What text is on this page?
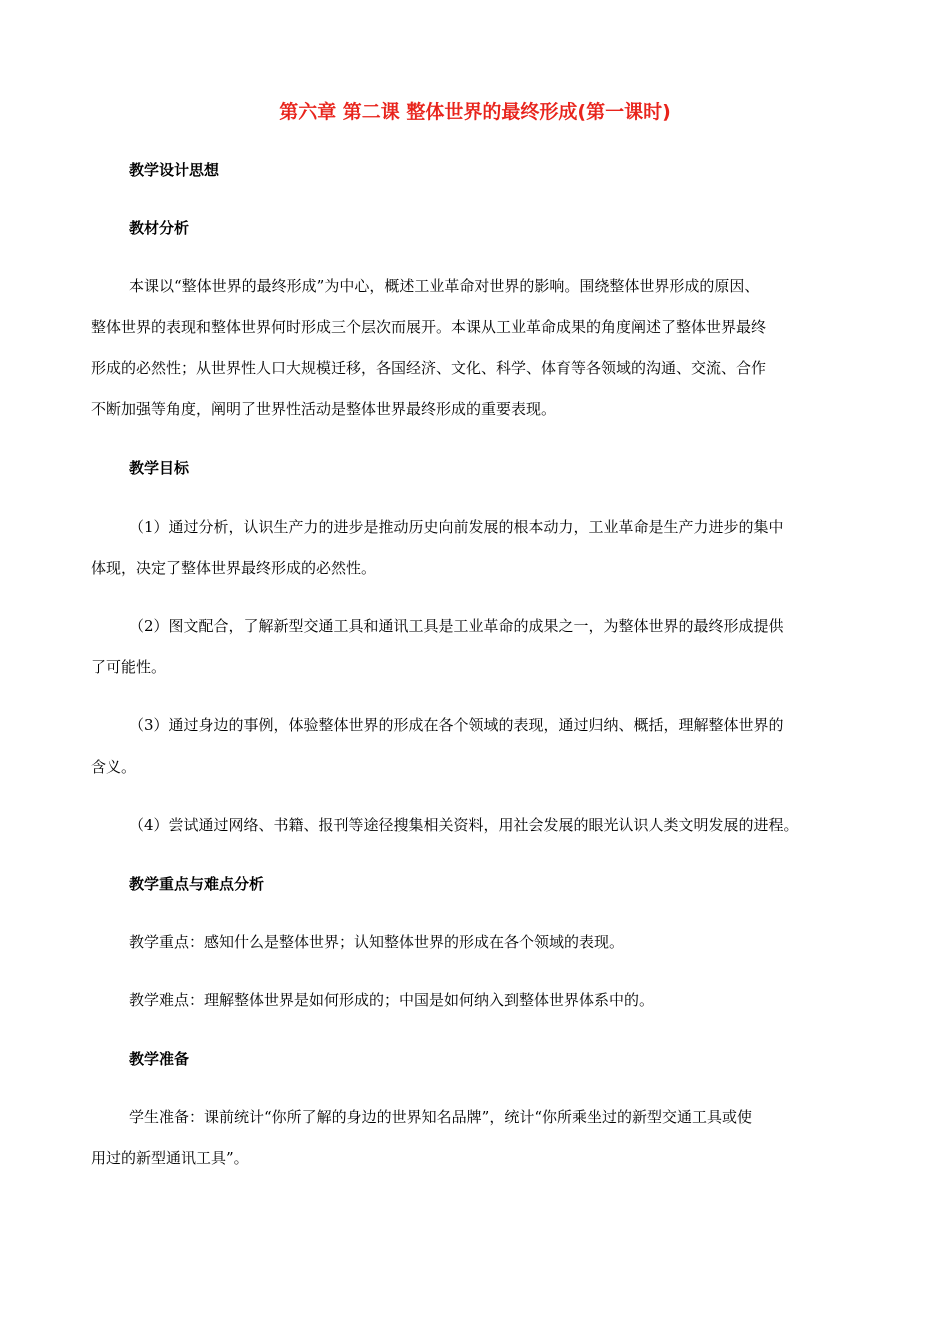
第六章 第二课 整体世界的最终形成(第一课时)
教学设计思想
教材分析
本课以“整体世界的最终形成”为中心，概述工业革命对世界的影响。围绕整体世界形成的原因、
整体世界的表现和整体世界何时形成三个层次而展开。本课从工业革命成果的角度阐述了整体世界最终
形成的必然性；从世界性人口大规模迁移，各国经济、文化、科学、体育等各领域的沟通、交流、合作
不断加强等角度，阐明了世界性活动是整体世界最终形成的重要表现。
教学目标
（1）通过分析，认识生产力的进步是推动历史向前发展的根本动力，工业革命是生产力进步的集中
体现，决定了整体世界最终形成的必然性。
（2）图文配合，了解新型交通工具和通讯工具是工业革命的成果之一，为整体世界的最终形成提供
了可能性。
（3）通过身边的事例，体验整体世界的形成在各个领域的表现，通过归纳、概括，理解整体世界的
含义。
（4）尝试通过网络、书籍、报刊等途径搜集相关资料，用社会发展的眼光认识人类文明发展的进程。
教学重点与难点分析
教学重点：感知什么是整体世界；认知整体世界的形成在各个领域的表现。
教学难点：理解整体世界是如何形成的；中国是如何纳入到整体世界体系中的。
教学准备
学生准备：课前统计“你所了解的身边的世界知名品牌”，统计“你所乘坐过的新型交通工具或使
用过的新型通讯工具”。
